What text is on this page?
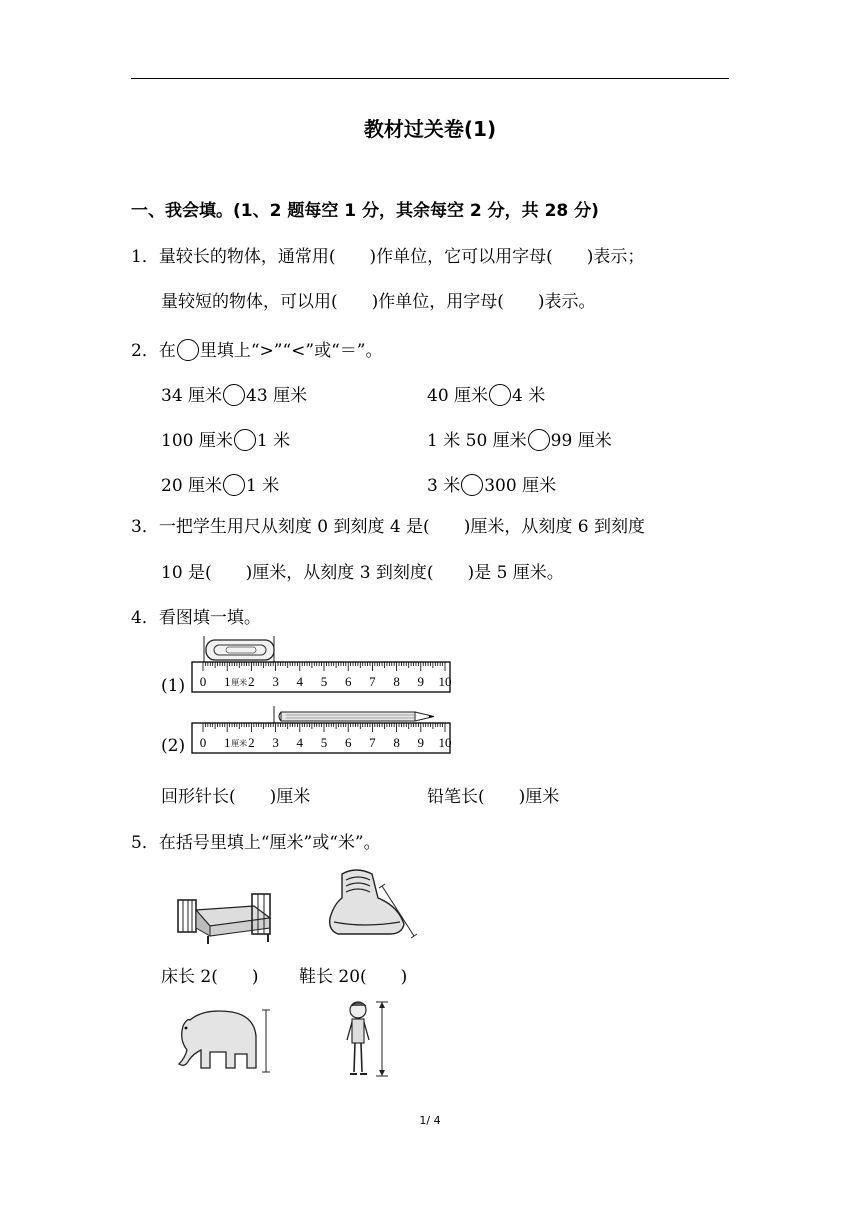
教材过关卷(1)
一、我会填。(1、2 题每空 1 分，其余每空 2 分，共 28 分)
1．量较长的物体，通常用(　　)作单位，它可以用字母(　　)表示；
量较短的物体，可以用(　　)作单位，用字母(　　)表示。
2．在 里填上“>”“<”或“＝”。
34 厘米 43 厘米	40 厘米 4 米
100 厘米 1 米	1 米 50 厘米 99 厘米
20 厘米 1 米	3 米 300 厘米
3．一把学生用尺从刻度 0 到刻度 4 是(　　)厘米，从刻度 6 到刻度
10 是(　　)厘米，从刻度 3 到刻度(　　)是 5 厘米。
4．看图填一填。
(1)
(2)
0 1 2 3 4 5 6 7 8 9 10
厘米
0 1 2 3 4 5 6 7 8 9 10
厘米
回形针长(　　)厘米	铅笔长(　　)厘米
5．在括号里填上“厘米”或“米”。
床长 2(　　) 鞋长 20(　　)
1/ 4
